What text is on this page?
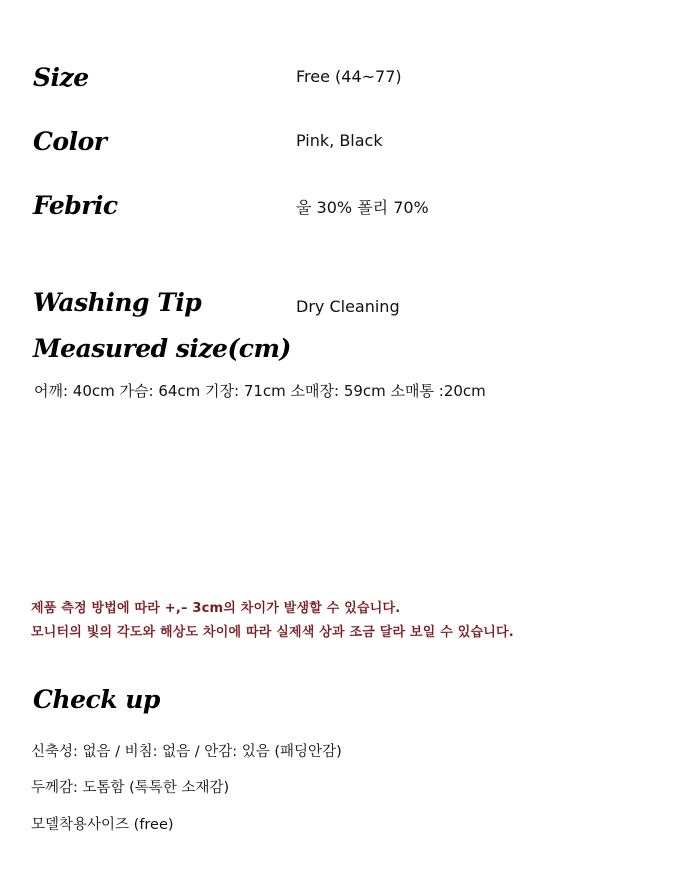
Size	Free (44~77)
Color	Pink, Black
Febric	울 30% 폴리 70%
Washing Tip	Dry Cleaning
Measured size(cm)
어깨: 40cm 가슴: 64cm 기장: 71cm 소매장: 59cm 소매통 :20cm
제품 측정 방법에 따라 +,– 3cm의 차이가 발생할 수 있습니다.
모니터의 빛의 각도와 해상도 차이에 따라 실제색 상과 조금 달라 보일 수 있습니다.
Check up
신축성: 없음 / 비침: 없음 / 안감: 있음 (패딩안감)
두께감: 도톰함 (톡톡한 소재감)
모델착용사이즈 (free)
